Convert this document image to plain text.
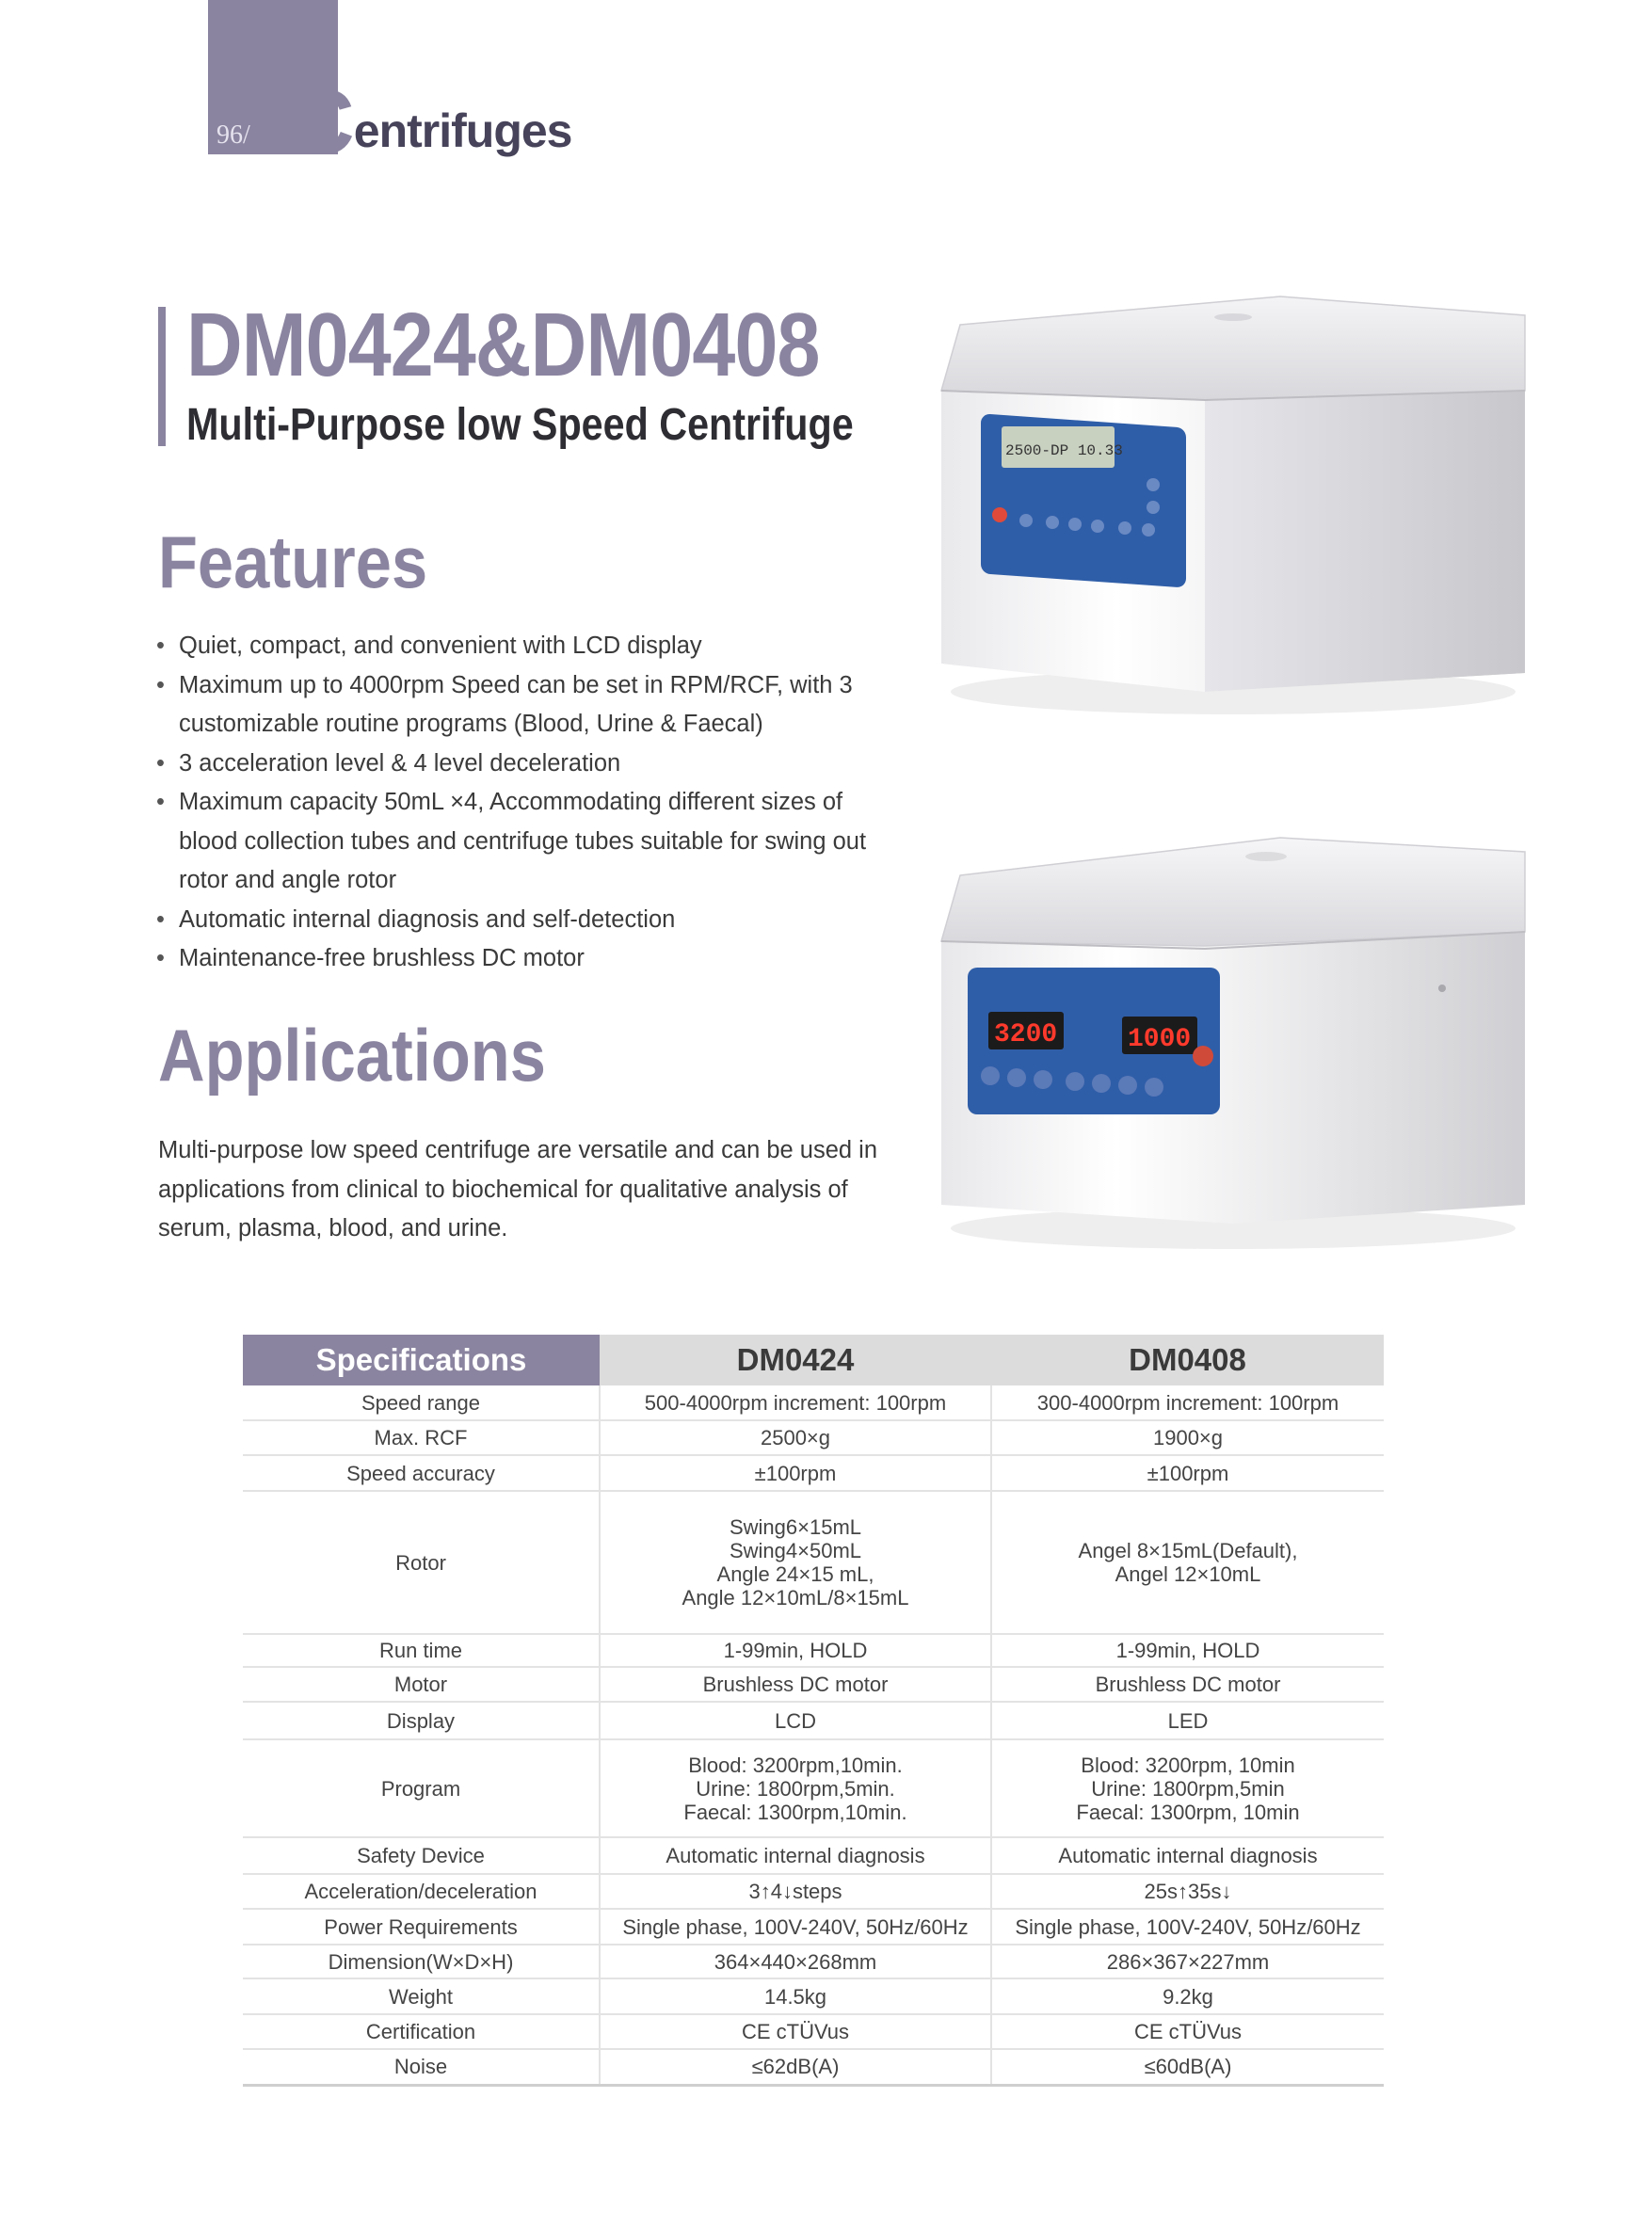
96/ Centrifuges
DM0424&DM0408
Multi-Purpose low Speed Centrifuge
Features
• Quiet, compact, and convenient with LCD display
• Maximum up to 4000rpm Speed can be set in RPM/RCF, with 3 customizable routine programs (Blood, Urine & Faecal)
• 3 acceleration level & 4 level deceleration
• Maximum capacity 50mL ×4, Accommodating different sizes of blood collection tubes and centrifuge tubes suitable for swing out rotor and angle rotor
• Automatic internal diagnosis and self-detection
• Maintenance-free brushless DC motor
Applications

Multi-purpose low speed centrifuge are versatile and can be used in applications from clinical to biochemical for qualitative analysis of serum, plasma, blood, and urine.

2500-DP 10.33
3200	1000
Specifications	DM0424	DM0408
Speed range	500-4000rpm increment: 100rpm	300-4000rpm increment: 100rpm
Max. RCF	2500×g	1900×g
Speed accuracy	±100rpm	±100rpm
Rotor	Swing6×15mL
Swing4×50mL
Angle 24×15 mL,
Angle 12×10mL/8×15mL	Angel 8×15mL(Default),
Angel 12×10mL
Run time	1-99min, HOLD	1-99min, HOLD
Motor	Brushless DC motor	Brushless DC motor
Display	LCD	LED
Program	Blood: 3200rpm,10min.
Urine: 1800rpm,5min.
Faecal: 1300rpm,10min.	Blood: 3200rpm, 10min
Urine: 1800rpm,5min
Faecal: 1300rpm, 10min
Safety Device	Automatic internal diagnosis	Automatic internal diagnosis
Acceleration/deceleration	3↑4↓steps	25s↑35s↓
Power Requirements	Single phase, 100V-240V, 50Hz/60Hz	Single phase, 100V-240V, 50Hz/60Hz
Dimension(W×D×H)	364×440×268mm	286×367×227mm
Weight	14.5kg	9.2kg
Certification	CE cTÜVus	CE cTÜVus
Noise	≤62dB(A)	≤60dB(A)
